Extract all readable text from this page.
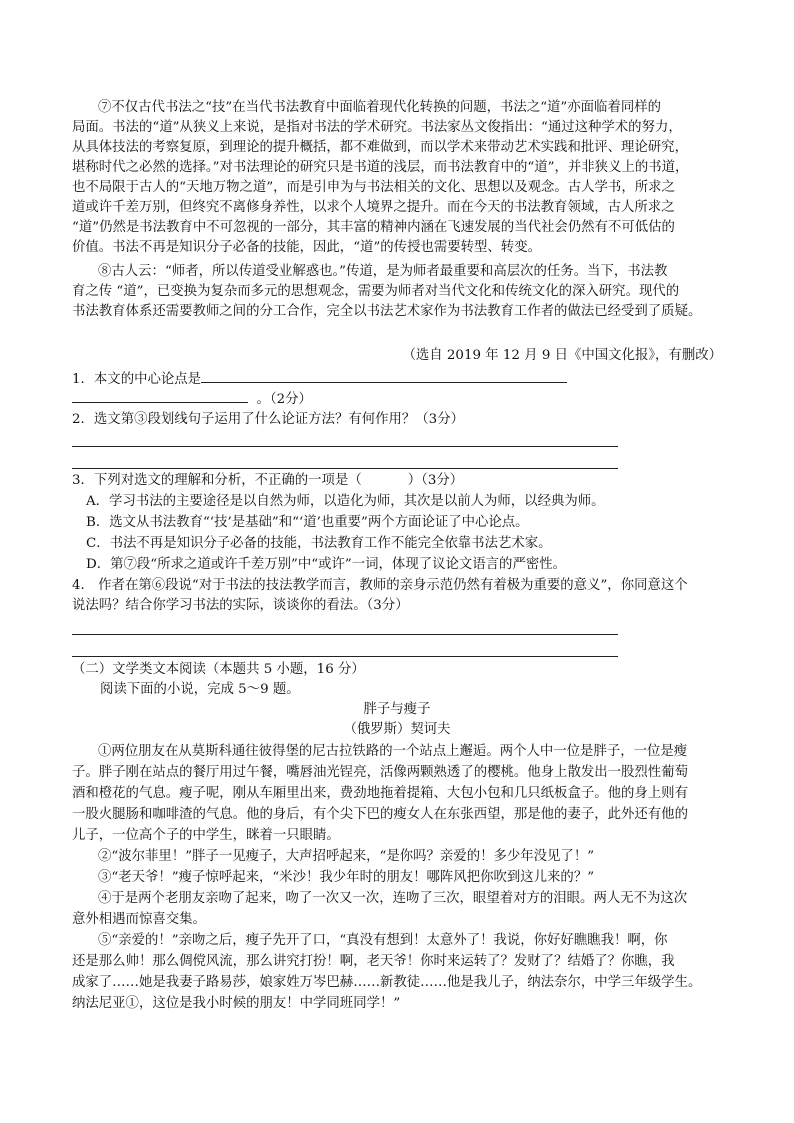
⑦不仅古代书法之“技”在当代书法教育中面临着现代化转换的问题，书法之“道”亦面临着同样的
局面。书法的“道”从狭义上来说，是指对书法的学术研究。书法家丛文俊指出：“通过这种学术的努力，
从具体技法的考察复原，到理论的提升概括，都不难做到，而以学术来带动艺术实践和批评、理论研究，
堪称时代之必然的选择。”对书法理论的研究只是书道的浅层，而书法教育中的“道”，并非狭义上的书道，
也不局限于古人的“天地万物之道”，而是引申为与书法相关的文化、思想以及观念。古人学书，所求之
道或许千差万别，但终究不离修身养性，以求个人境界之提升。而在今天的书法教育领域，古人所求之
“道”仍然是书法教育中不可忽视的一部分，其丰富的精神内涵在飞速发展的当代社会仍然有不可低估的
价值。书法不再是知识分子必备的技能，因此，“道”的传授也需要转型、转变。
⑧古人云：“师者，所以传道受业解惑也。”传道，是为师者最重要和高层次的任务。当下，书法教
育之传 “道”，已变换为复杂而多元的思想观念，需要为师者对当代文化和传统文化的深入研究。现代的
书法教育体系还需要教师之间的分工合作，完全以书法艺术家作为书法教育工作者的做法已经受到了质疑。
（选自 2019 年 12 月 9 日《中国文化报》，有删改）
1．本文的中心论点是
。（2分）
2．选文第③段划线句子运用了什么论证方法？有何作用？（3分）
3．下列对选文的理解和分析，不正确的一项是（	）（3分）
A．学习书法的主要途径是以自然为师，以造化为师，其次是以前人为师，以经典为师。
B．选文从书法教育“‘技’是基础”和“‘道’也重要”两个方面论证了中心论点。
C．书法不再是知识分子必备的技能，书法教育工作不能完全依靠书法艺术家。
D．第⑦段“所求之道或许千差万别”中“或许”一词，体现了议论文语言的严密性。
4． 作者在第⑥段说“对于书法的技法教学而言，教师的亲身示范仍然有着极为重要的意义”，你同意这个
说法吗？结合你学习书法的实际，谈谈你的看法。（3分）
（二）文学类文本阅读（本题共 5 小题，16 分）
阅读下面的小说，完成 5～9 题。
胖子与瘦子
（俄罗斯）契诃夫
①两位朋友在从莫斯科通往彼得堡的尼古拉铁路的一个站点上邂逅。两个人中一位是胖子，一位是瘦
子。胖子刚在站点的餐厅用过午餐，嘴唇油光锃亮，活像两颗熟透了的樱桃。他身上散发出一股烈性葡萄
酒和橙花的气息。瘦子呢，刚从车厢里出来，费劲地拖着提箱、大包小包和几只纸板盒子。他的身上则有
一股火腿肠和咖啡渣的气息。他的身后，有个尖下巴的瘦女人在东张西望，那是他的妻子，此外还有他的
儿子，一位高个子的中学生，眯着一只眼睛。
②“波尔菲里！”胖子一见瘦子，大声招呼起来，“是你吗？亲爱的！多少年没见了！”
③“老天爷！”瘦子惊呼起来，“米沙！我少年时的朋友！哪阵风把你吹到这儿来的？”
④于是两个老朋友亲吻了起来，吻了一次又一次，连吻了三次，眼望着对方的泪眼。两人无不为这次
意外相遇而惊喜交集。
⑤“亲爱的！”亲吻之后，瘦子先开了口，“真没有想到！太意外了！我说，你好好瞧瞧我！啊，你
还是那么帅！那么倜傥风流，那么讲究打扮！啊，老天爷！你时来运转了？发财了？结婚了？你瞧，我
成家了……她是我妻子路易莎，娘家姓万岑巴赫……新教徒……他是我儿子，纳法奈尔，中学三年级学生。
纳法尼亚①，这位是我小时候的朋友！中学同班同学！”
